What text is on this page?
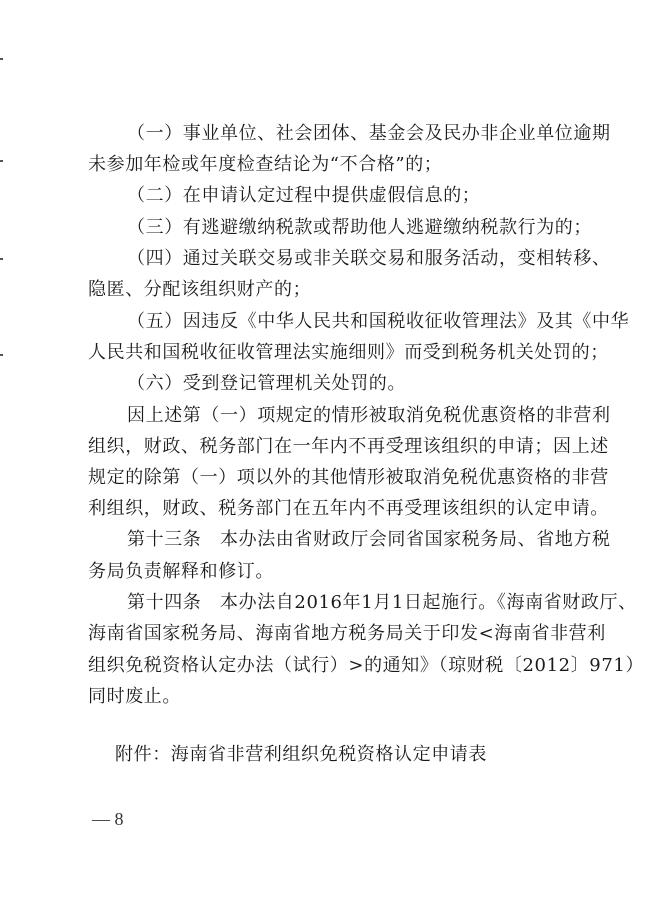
（一）事业单位、社会团体、基金会及民办非企业单位逾期
未参加年检或年度检查结论为“不合格”的；
（二）在申请认定过程中提供虚假信息的；
（三）有逃避缴纳税款或帮助他人逃避缴纳税款行为的；
（四）通过关联交易或非关联交易和服务活动，变相转移、
隐匿、分配该组织财产的；
（五）因违反《中华人民共和国税收征收管理法》及其《中华
人民共和国税收征收管理法实施细则》而受到税务机关处罚的；
（六）受到登记管理机关处罚的。
因上述第（一）项规定的情形被取消免税优惠资格的非营利
组织，财政、税务部门在一年内不再受理该组织的申请；因上述
规定的除第（一）项以外的其他情形被取消免税优惠资格的非营
利组织，财政、税务部门在五年内不再受理该组织的认定申请。
第十三条　本办法由省财政厅会同省国家税务局、省地方税
务局负责解释和修订。
第十四条　本办法自2016年1月1日起施行。《海南省财政厅、
海南省国家税务局、海南省地方税务局关于印发<海南省非营利
组织免税资格认定办法（试行）>的通知》（琼财税〔2012〕971）
同时废止。
附件：海南省非营利组织免税资格认定申请表
— 8
